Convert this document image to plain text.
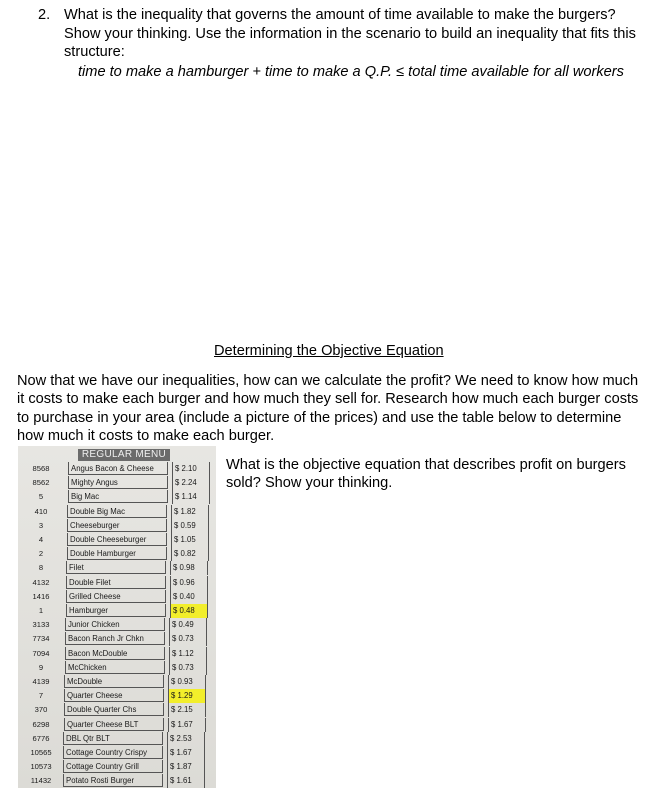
2. What is the inequality that governs the amount of time available to make the burgers? Show your thinking. Use the information in the scenario to build an inequality that fits this structure:
time to make a hamburger + time to make a Q.P. ≤ total time available for all workers
Determining the Objective Equation
Now that we have our inequalities, how can we calculate the profit? We need to know how much it costs to make each burger and how much they sell for. Research how much each burger costs to purchase in your area (include a picture of the prices) and use the table below to determine how much it costs to make each burger.
REGULAR MENU
8568	Angus Bacon & Cheese	$ 2.10
8562	Mighty Angus	$ 2.24
5	Big Mac	$ 1.14
410	Double Big Mac	$ 1.82
3	Cheeseburger	$ 0.59
4	Double Cheeseburger	$ 1.05
2	Double Hamburger	$ 0.82
8	Filet	$ 0.98
4132	Double Filet	$ 0.96
1416	Grilled Cheese	$ 0.40
1	Hamburger	$ 0.48
3133	Junior Chicken	$ 0.49
7734	Bacon Ranch Jr Chkn	$ 0.73
7094	Bacon McDouble	$ 1.12
9	McChicken	$ 0.73
4139	McDouble	$ 0.93
7	Quarter Cheese	$ 1.29
370	Double Quarter Chs	$ 2.15
6298	Quarter Cheese BLT	$ 1.67
6776	DBL Qtr BLT	$ 2.53
10565	Cottage Country Crispy	$ 1.67
10573	Cottage Country Grill	$ 1.87
11432	Potato Rosti Burger	$ 1.61
What is the objective equation that describes profit on burgers sold? Show your thinking.
